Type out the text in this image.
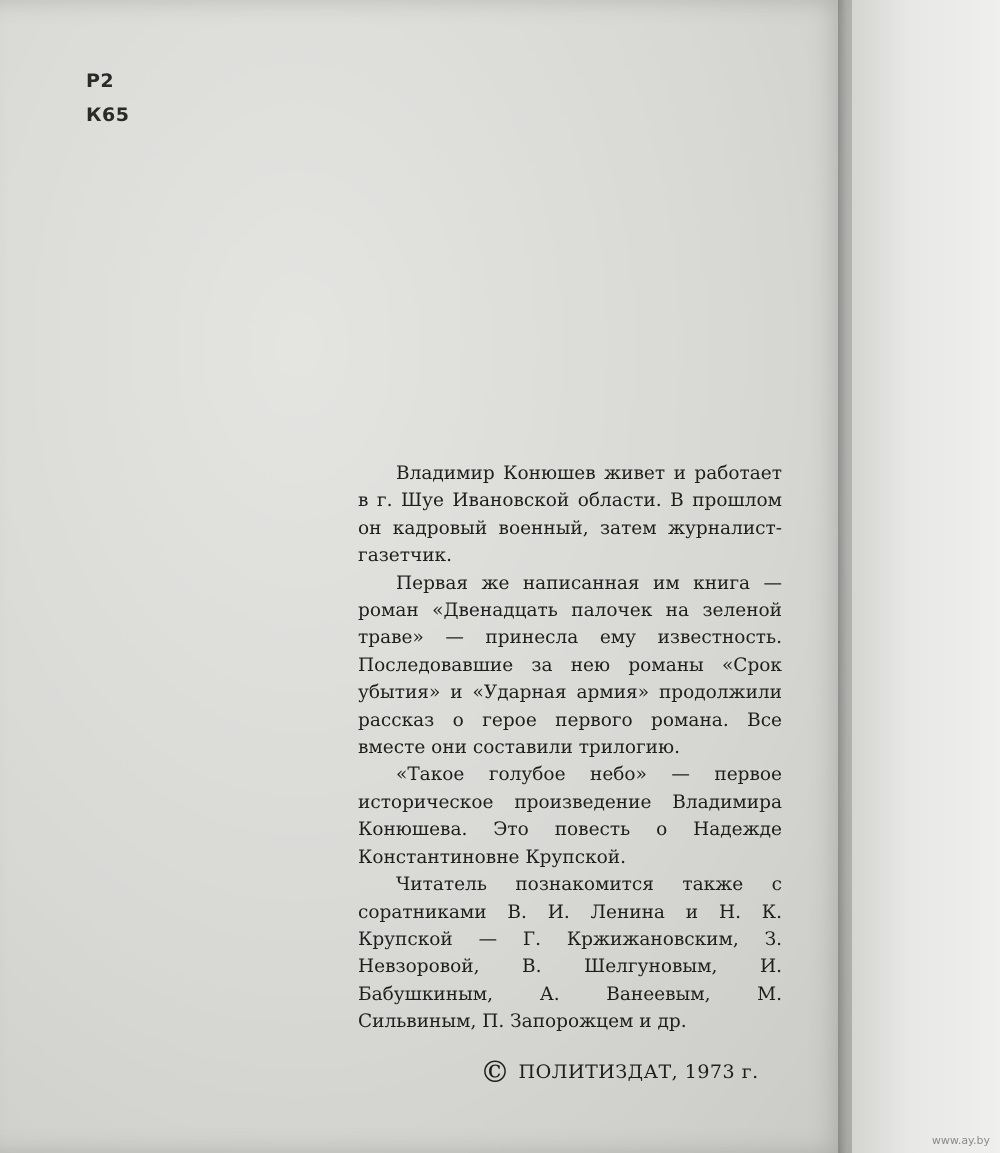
Р2
К65

Владимир Конюшев живет и работает в г. Шуе Ивановской области. В прошлом он кадровый военный, затем журналист-газетчик.

Первая же написанная им книга — роман «Двенадцать палочек на зеленой траве» — принесла ему известность. Последовавшие за нею романы «Срок убытия» и «Ударная армия» продолжили рассказ о герое первого романа. Все вместе они составили трилогию.

«Такое голубое небо» — первое историческое произведение Владимира Конюшева. Это повесть о Надежде Константиновне Крупской.

Читатель познакомится также с соратниками В. И. Ленина и Н. К. Крупской — Г. Кржижановским, З. Невзоровой, В. Шелгуновым, И. Бабушкиным, А. Ванеевым, М. Сильвиным, П. Запорожцем и др.

© ПОЛИТИЗДАТ, 1973 г.
www.ay.by
